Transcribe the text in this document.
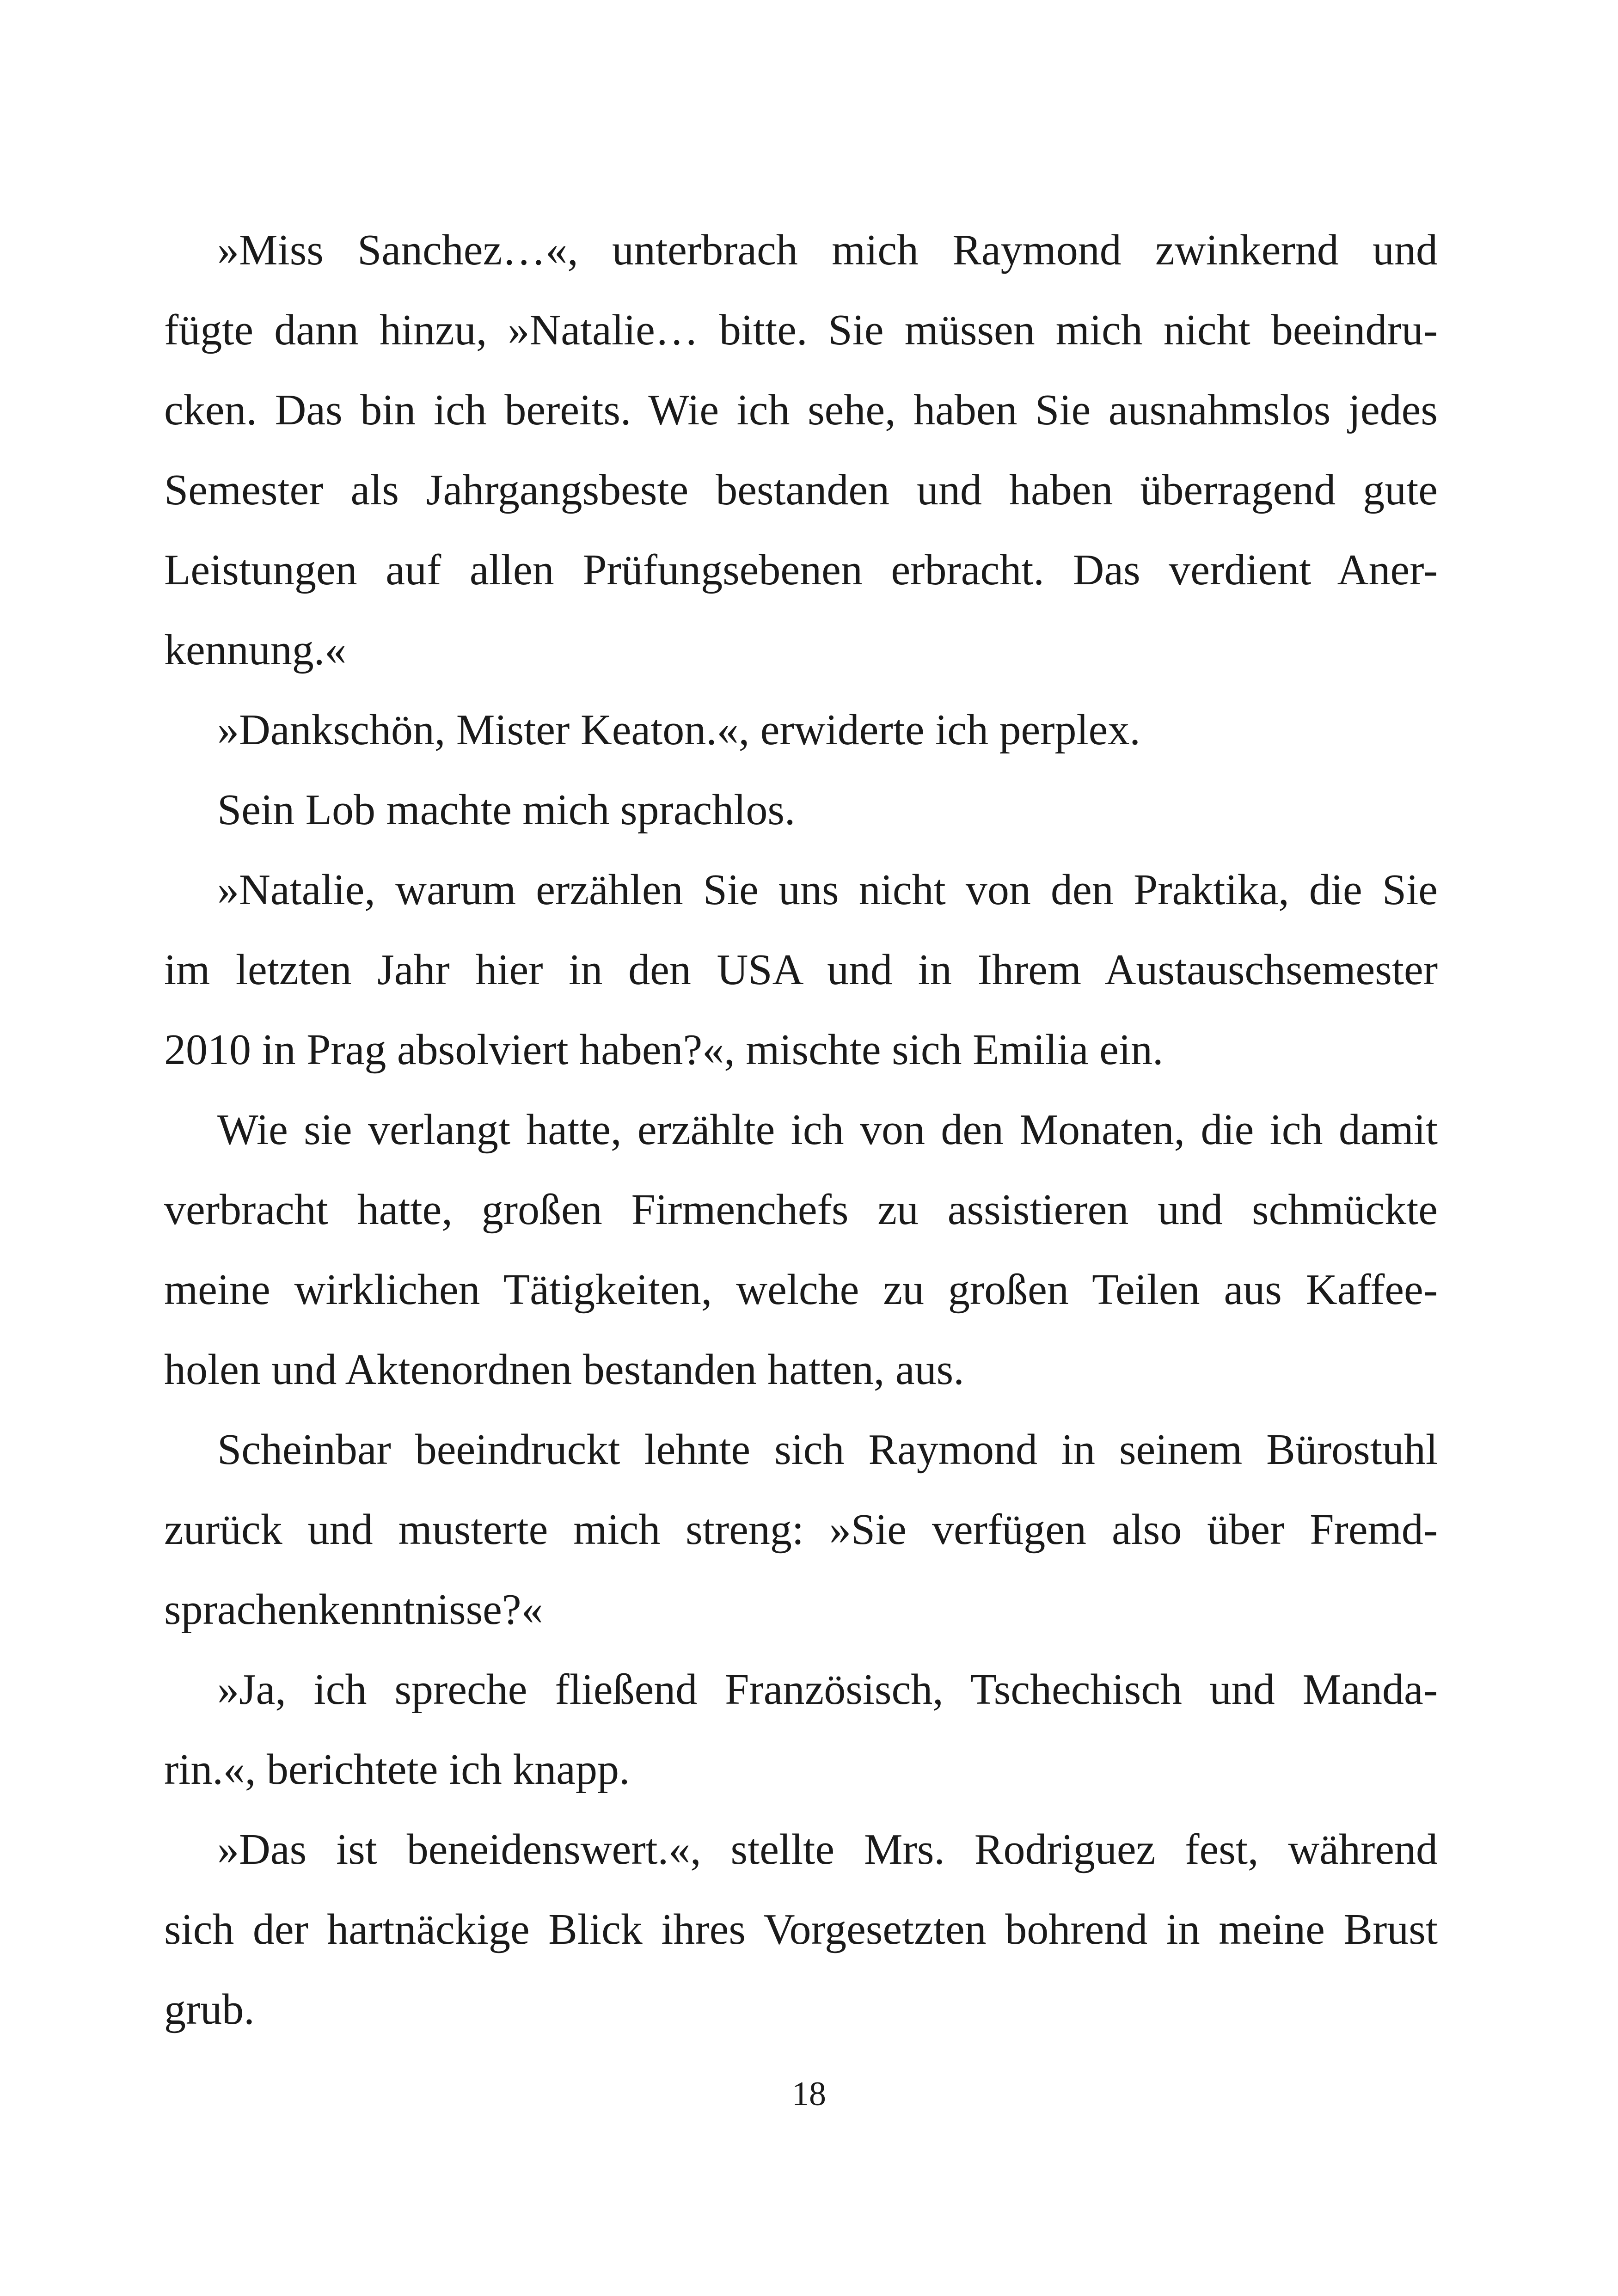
»Miss Sanchez…«, unterbrach mich Raymond zwinkernd und
fügte dann hinzu, »Natalie… bitte. Sie müssen mich nicht beeindru-
cken. Das bin ich bereits. Wie ich sehe, haben Sie ausnahmslos jedes
Semester als Jahrgangsbeste bestanden und haben überragend gute
Leistungen auf allen Prüfungsebenen erbracht. Das verdient Aner-
kennung.«
»Dankschön, Mister Keaton.«, erwiderte ich perplex.
Sein Lob machte mich sprachlos.
»Natalie, warum erzählen Sie uns nicht von den Praktika, die Sie
im letzten Jahr hier in den USA und in Ihrem Austauschsemester
2010 in Prag absolviert haben?«, mischte sich Emilia ein.
Wie sie verlangt hatte, erzählte ich von den Monaten, die ich damit
verbracht hatte, großen Firmenchefs zu assistieren und schmückte
meine wirklichen Tätigkeiten, welche zu großen Teilen aus Kaffee-
holen und Aktenordnen bestanden hatten, aus.
Scheinbar beeindruckt lehnte sich Raymond in seinem Bürostuhl
zurück und musterte mich streng: »Sie verfügen also über Fremd-
sprachenkenntnisse?«
»Ja, ich spreche fließend Französisch, Tschechisch und Manda-
rin.«, berichtete ich knapp.
»Das ist beneidenswert.«, stellte Mrs. Rodriguez fest, während
sich der hartnäckige Blick ihres Vorgesetzten bohrend in meine Brust
grub.
18
